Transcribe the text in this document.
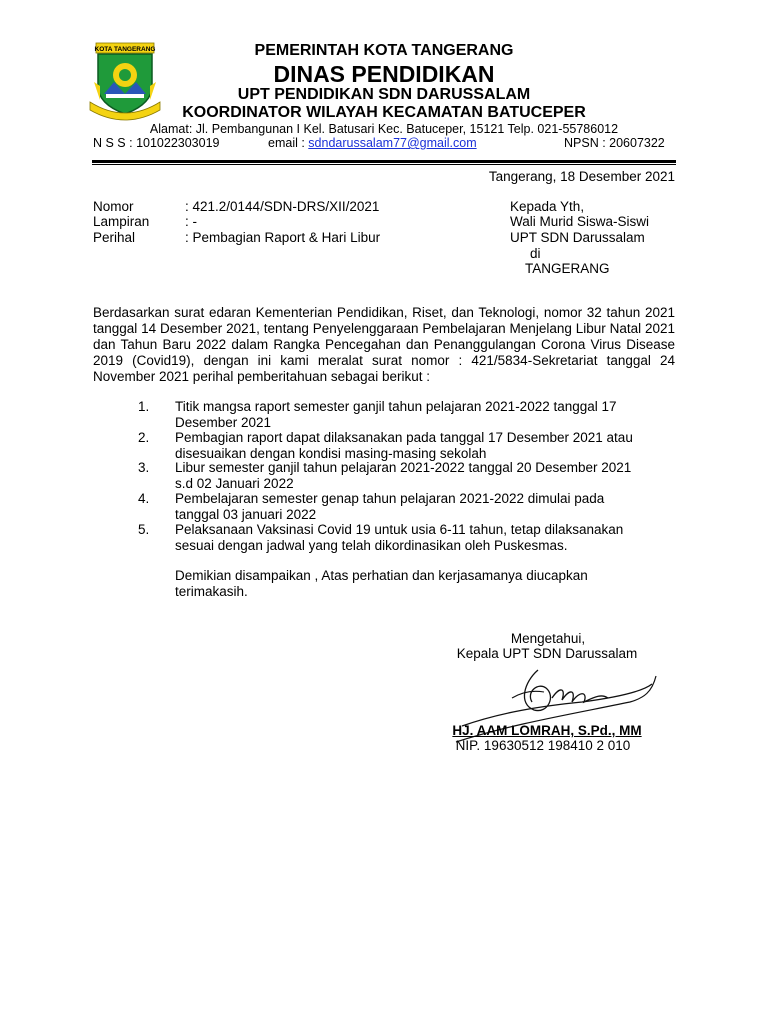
KOTA TANGERANG	PEMERINTAH KOTA TANGERANG
DINAS PENDIDIKAN
UPT PENDIDIKAN SDN DARUSSALAM
KOORDINATOR WILAYAH KECAMATAN BATUCEPER
Alamat: Jl. Pembangunan I Kel. Batusari Kec. Batuceper, 15121 Telp. 021-55786012
N S S : 101022303019	email : sdndarussalam77@gmail.com	NPSN : 20607322
Tangerang, 18 Desember 2021
Nomor	: 421.2/0144/SDN-DRS/XII/2021
Lampiran	: -
Perihal	: Pembagian Raport & Hari Libur
Kepada Yth,
Wali Murid Siswa-Siswi
UPT SDN Darussalam
di
TANGERANG
Berdasarkan surat edaran Kementerian Pendidikan, Riset, dan Teknologi, nomor 32 tahun 2021 tanggal 14 Desember 2021, tentang Penyelenggaraan Pembelajaran Menjelang Libur Natal 2021 dan Tahun Baru 2022 dalam Rangka Pencegahan dan Penanggulangan Corona Virus Disease 2019 (Covid19), dengan ini kami meralat surat nomor : 421/5834-Sekretariat tanggal 24 November 2021 perihal pemberitahuan sebagai berikut :
1. Titik mangsa raport semester ganjil tahun pelajaran 2021-2022 tanggal 17
Desember 2021
2. Pembagian raport dapat dilaksanakan pada tanggal 17 Desember 2021 atau
disesuaikan dengan kondisi masing-masing sekolah
3. Libur semester ganjil tahun pelajaran 2021-2022 tanggal 20 Desember 2021
s.d 02 Januari 2022
4. Pembelajaran semester genap tahun pelajaran 2021-2022 dimulai pada
tanggal 03 januari 2022
5. Pelaksanaan Vaksinasi Covid 19 untuk usia 6-11 tahun, tetap dilaksanakan
sesuai dengan jadwal yang telah dikordinasikan oleh Puskesmas.
Demikian disampaikan , Atas perhatian dan kerjasamanya diucapkan
terimakasih.
Mengetahui,
Kepala UPT SDN Darussalam
HJ. AAM LOMRAH, S.Pd., MM
NIP. 19630512 198410 2 010
